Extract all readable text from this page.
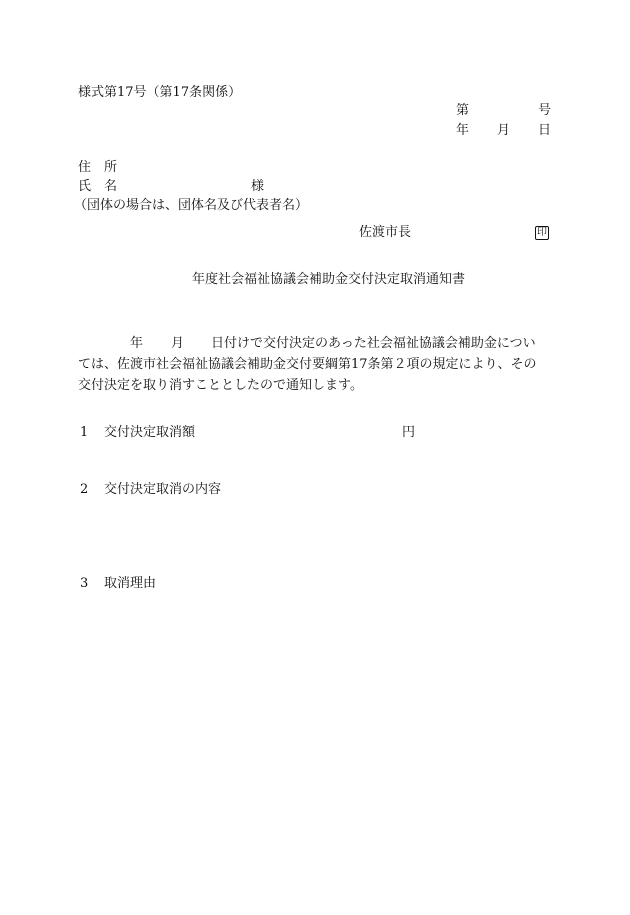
様式第17号（第17条関係）
第	号
年 月 日
住　所
氏　名	様
（団体の場合は、団体名及び代表者名）
佐渡市長	印
年度社会福祉協議会補助金交付決定取消通知書
年 月 日付けで交付決定のあった社会福祉協議会補助金につい
ては、佐渡市社会福祉協議会補助金交付要綱第17条第２項の規定により、その
交付決定を取り消すこととしたので通知します。
1 交付決定取消額	円
2 交付決定取消の内容
3 取消理由
